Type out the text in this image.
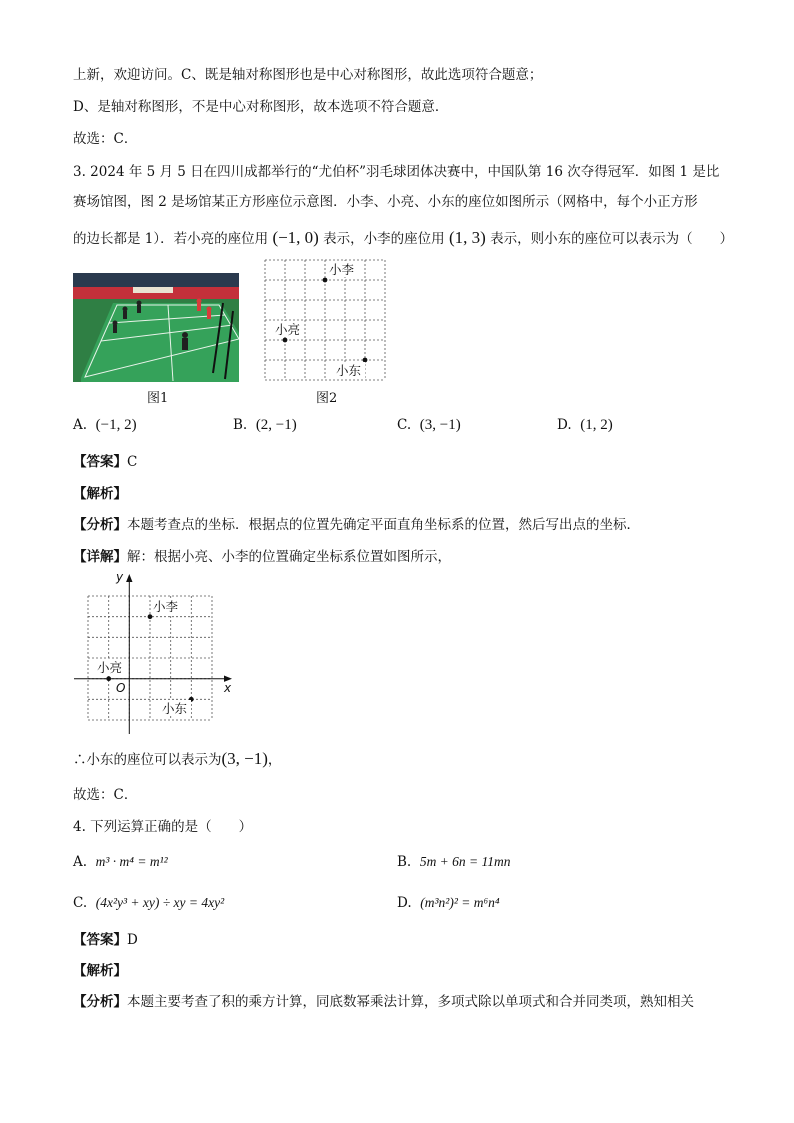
上新，欢迎访问。C、既是轴对称图形也是中心对称图形，故此选项符合题意；
D、是轴对称图形，不是中心对称图形，故本选项不符合题意．
故选：C．
3. 2024 年 5 月 5 日在四川成都举行的“尤伯杯”羽毛球团体决赛中，中国队第 16 次夺得冠军．如图 1 是比
赛场馆图，图 2 是场馆某正方形座位示意图．小李、小亮、小东的座位如图所示（网格中，每个小正方形
的边长都是 1）．若小亮的座位用 (−1, 0) 表示，小李的座位用 (1, 3) 表示，则小东的座位可以表示为（　　）
图1
小李
小亮
小东
图2
A. (−1, 2)	B. (2, −1)	C. (3, −1)	D. (1, 2)
【答案】C
【解析】
【分析】本题考查点的坐标．根据点的位置先确定平面直角坐标系的位置，然后写出点的坐标．
【详解】解：根据小亮、小李的位置确定坐标系位置如图所示，
y
x
O
小李
小亮
小东
∴小东的座位可以表示为(3, −1)，
故选：C．
4. 下列运算正确的是（　　）
A. m³ · m⁴ = m¹²	B. 5m + 6n = 11mn
C. (4x²y³ + xy) ÷ xy = 4xy²	D. (m³n²)² = m⁶n⁴
【答案】D
【解析】
【分析】本题主要考查了积的乘方计算，同底数幂乘法计算，多项式除以单项式和合并同类项，熟知相关
